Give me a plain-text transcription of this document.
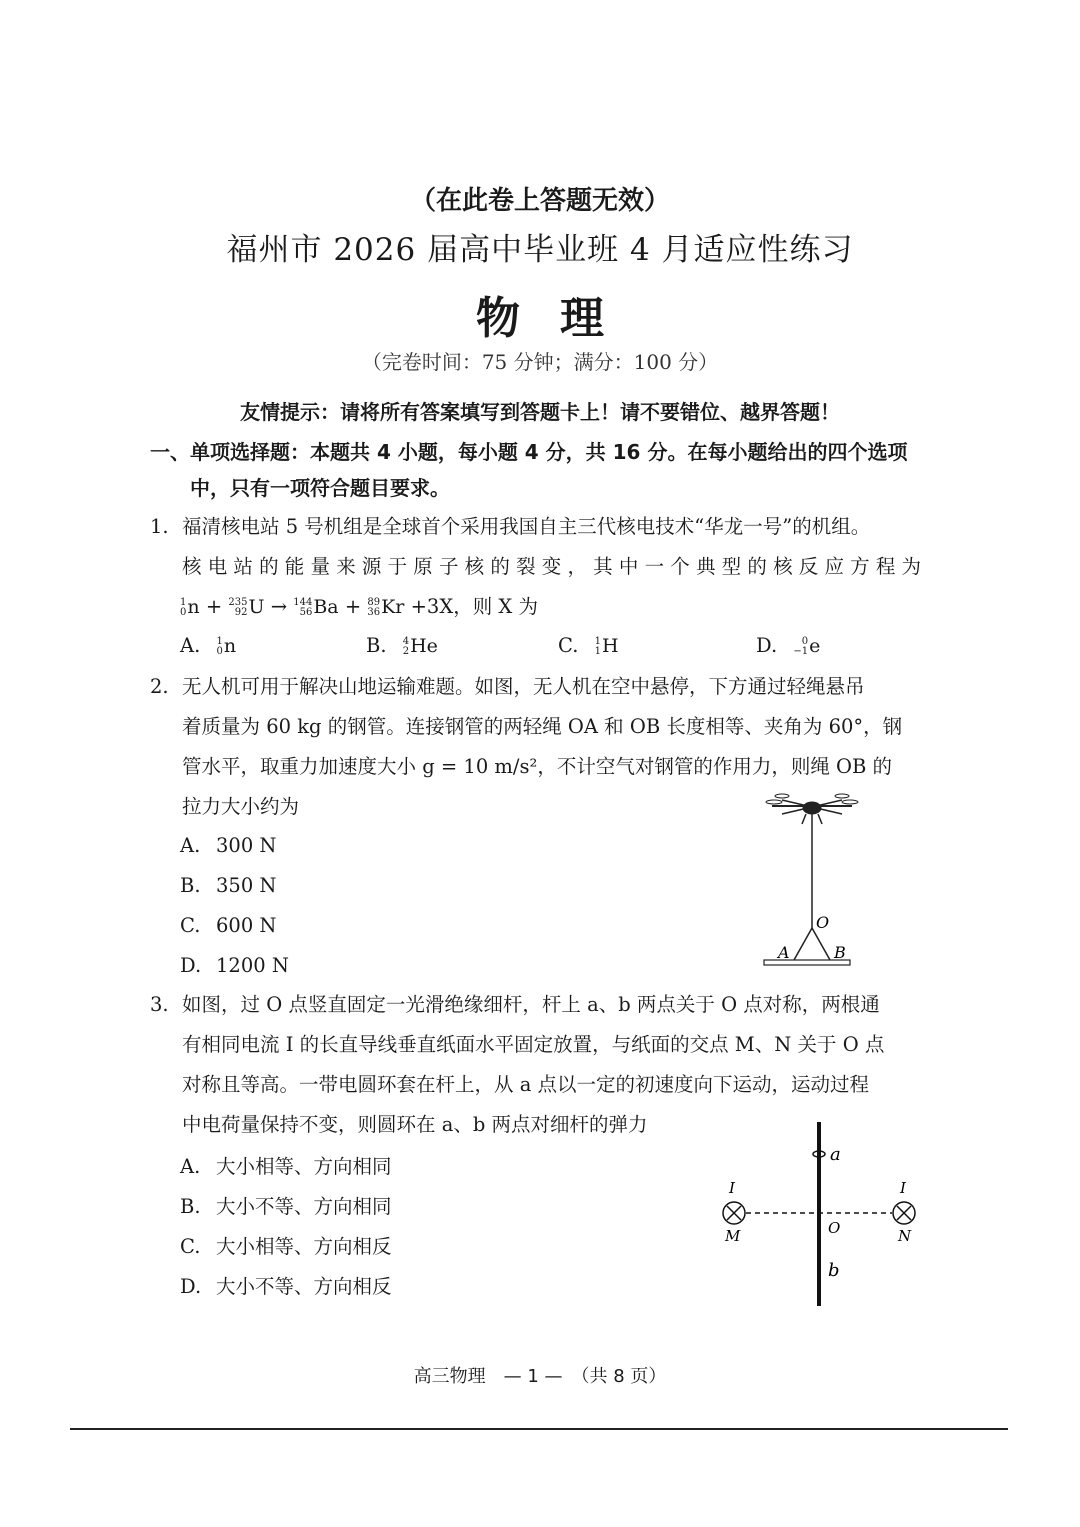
（在此卷上答题无效）
福州市 2026 届高中毕业班 4 月适应性练习
物理
（完卷时间：75 分钟；满分：100 分）
友情提示：请将所有答案填写到答题卡上！请不要错位、越界答题！
一、单项选择题：本题共 4 小题，每小题 4 分，共 16 分。在每小题给出的四个选项
中，只有一项符合题目要求。
1. 福清核电站 5 号机组是全球首个采用我国自主三代核电技术“华龙一号”的机组。
核 电 站 的 能 量 来 源 于 原 子 核 的 裂 变 ， 其 中 一 个 典 型 的 核 反 应 方 程 为
1
0 n + 235
92 U → 144
56 Ba + 89
36 Kr +3X，则 X 为
A. 1
0 n	B. 4
2 He	C. 1
1 H	D.	0
−1 e
2. 无人机可用于解决山地运输难题。如图，无人机在空中悬停，下方通过轻绳悬吊
着质量为 60 kg 的钢管。连接钢管的两轻绳 OA 和 OB 长度相等、夹角为 60°，钢
管水平，取重力加速度大小 g = 10 m/s²，不计空气对钢管的作用力，则绳 OB 的
拉力大小约为
A. 300 N
B. 350 N
C. 600 N
D. 1200 N
O
A	B
3. 如图，过 O 点竖直固定一光滑绝缘细杆，杆上 a、b 两点关于 O 点对称，两根通
有相同电流 I 的长直导线垂直纸面水平固定放置，与纸面的交点 M、N 关于 O 点
对称且等高。一带电圆环套在杆上，从 a 点以一定的初速度向下运动，运动过程
中电荷量保持不变，则圆环在 a、b 两点对细杆的弹力
A. 大小相等、方向相同
B. 大小不等、方向相同
C. 大小相等、方向相反
D. 大小不等、方向相反
a
b
O
I	I
M	N
高三物理　— 1 —　（共 8 页）
